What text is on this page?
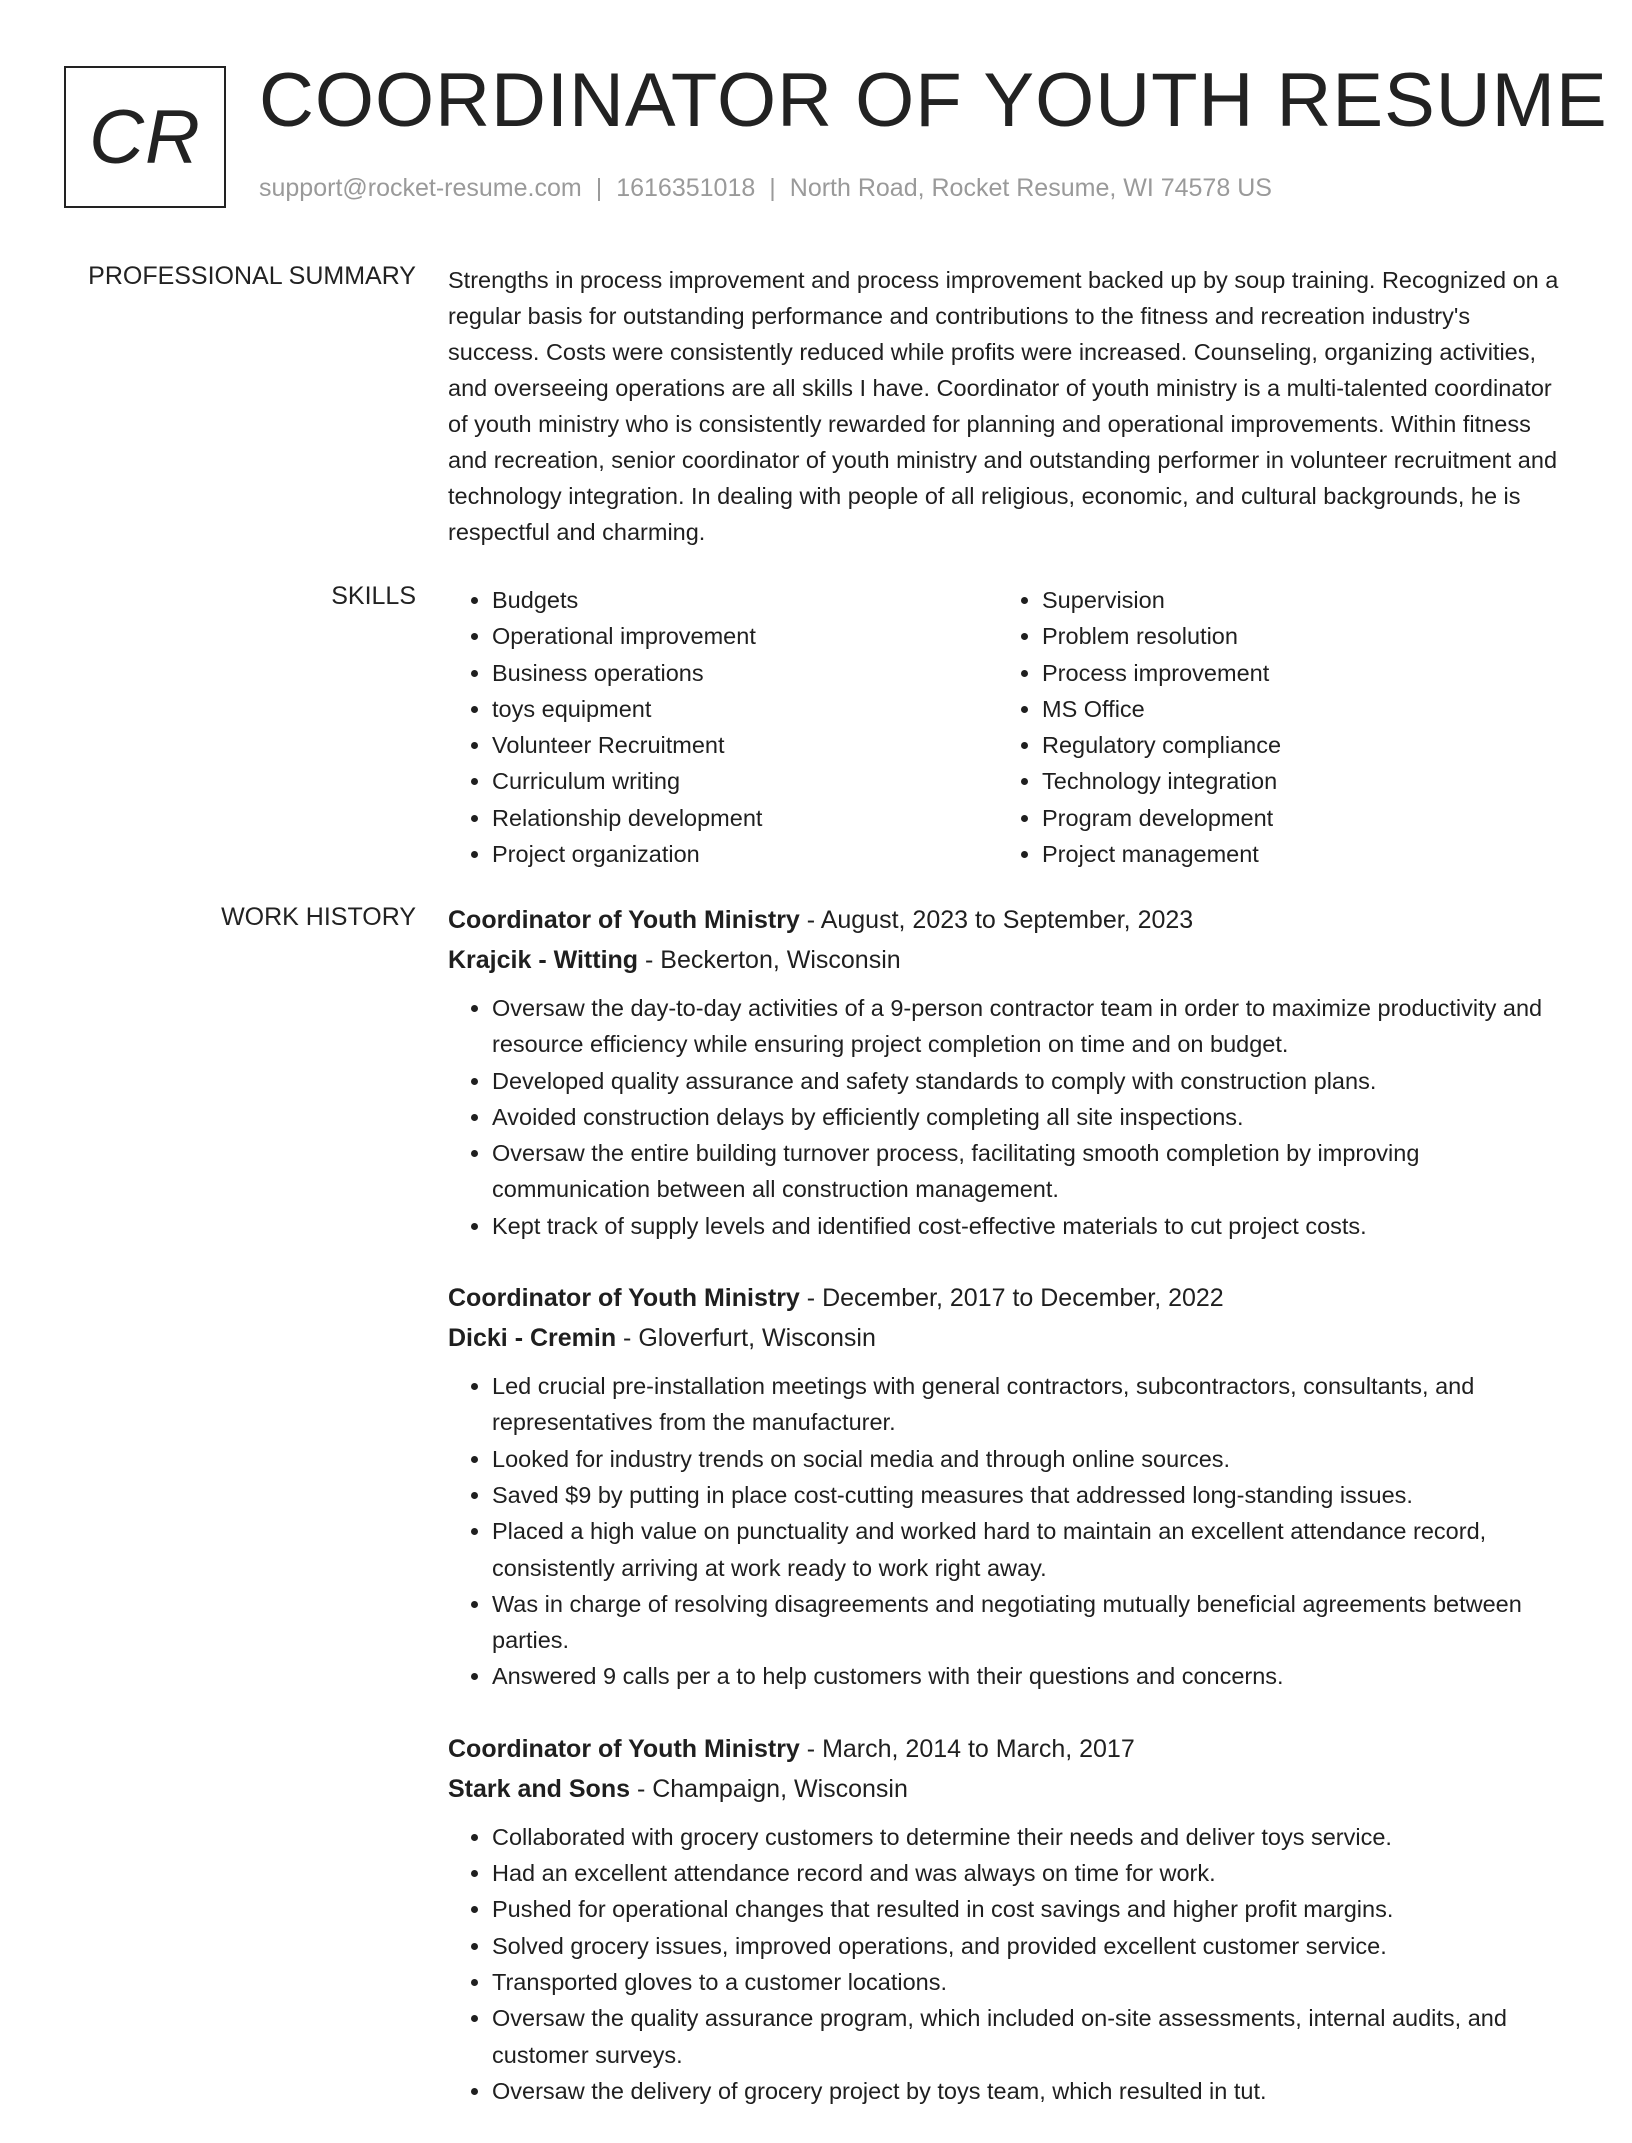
CR COORDINATOR OF YOUTH RESUME
support@rocket-resume.com | 1616351018 | North Road, Rocket Resume, WI 74578 US
PROFESSIONAL SUMMARY Strengths in process improvement and process improvement backed up by soup training. Recognized on a regular basis for outstanding performance and contributions to the fitness and recreation industry's success. Costs were consistently reduced while profits were increased. Counseling, organizing activities, and overseeing operations are all skills I have. Coordinator of youth ministry is a multi-talented coordinator of youth ministry who is consistently rewarded for planning and operational improvements. Within fitness and recreation, senior coordinator of youth ministry and outstanding performer in volunteer recruitment and technology integration. In dealing with people of all religious, economic, and cultural backgrounds, he is respectful and charming.

SKILLS
•	Budgets
• Operational improvement
• Business operations
• toys equipment
• Volunteer Recruitment
• Curriculum writing
• Relationship development
• Project organization
• Supervision
• Problem resolution
• Process improvement
• MS Office
• Regulatory compliance
• Technology integration
• Program development
• Project management
WORK HISTORY Coordinator of Youth Ministry - August, 2023 to September, 2023
Krajcik - Witting - Beckerton, Wisconsin
• Oversaw the day-to-day activities of a 9-person contractor team in order to maximize productivity and resource efficiency while ensuring project completion on time and on budget.
• Developed quality assurance and safety standards to comply with construction plans.
• Avoided construction delays by efficiently completing all site inspections.
• Oversaw the entire building turnover process, facilitating smooth completion by improving communication between all construction management.
• Kept track of supply levels and identified cost-effective materials to cut project costs.
Coordinator of Youth Ministry - December, 2017 to December, 2022
Dicki - Cremin - Gloverfurt, Wisconsin
• Led crucial pre-installation meetings with general contractors, subcontractors, consultants, and representatives from the manufacturer.
• Looked for industry trends on social media and through online sources.
• Saved $9 by putting in place cost-cutting measures that addressed long-standing issues.
• Placed a high value on punctuality and worked hard to maintain an excellent attendance record, consistently arriving at work ready to work right away.
• Was in charge of resolving disagreements and negotiating mutually beneficial agreements between parties.
• Answered 9 calls per a to help customers with their questions and concerns.
Coordinator of Youth Ministry - March, 2014 to March, 2017
Stark and Sons - Champaign, Wisconsin
• Collaborated with grocery customers to determine their needs and deliver toys service.
• Had an excellent attendance record and was always on time for work.
• Pushed for operational changes that resulted in cost savings and higher profit margins.
• Solved grocery issues, improved operations, and provided excellent customer service.
• Transported gloves to a customer locations.
• Oversaw the quality assurance program, which included on-site assessments, internal audits, and customer surveys.
• Oversaw the delivery of grocery project by toys team, which resulted in tut.
